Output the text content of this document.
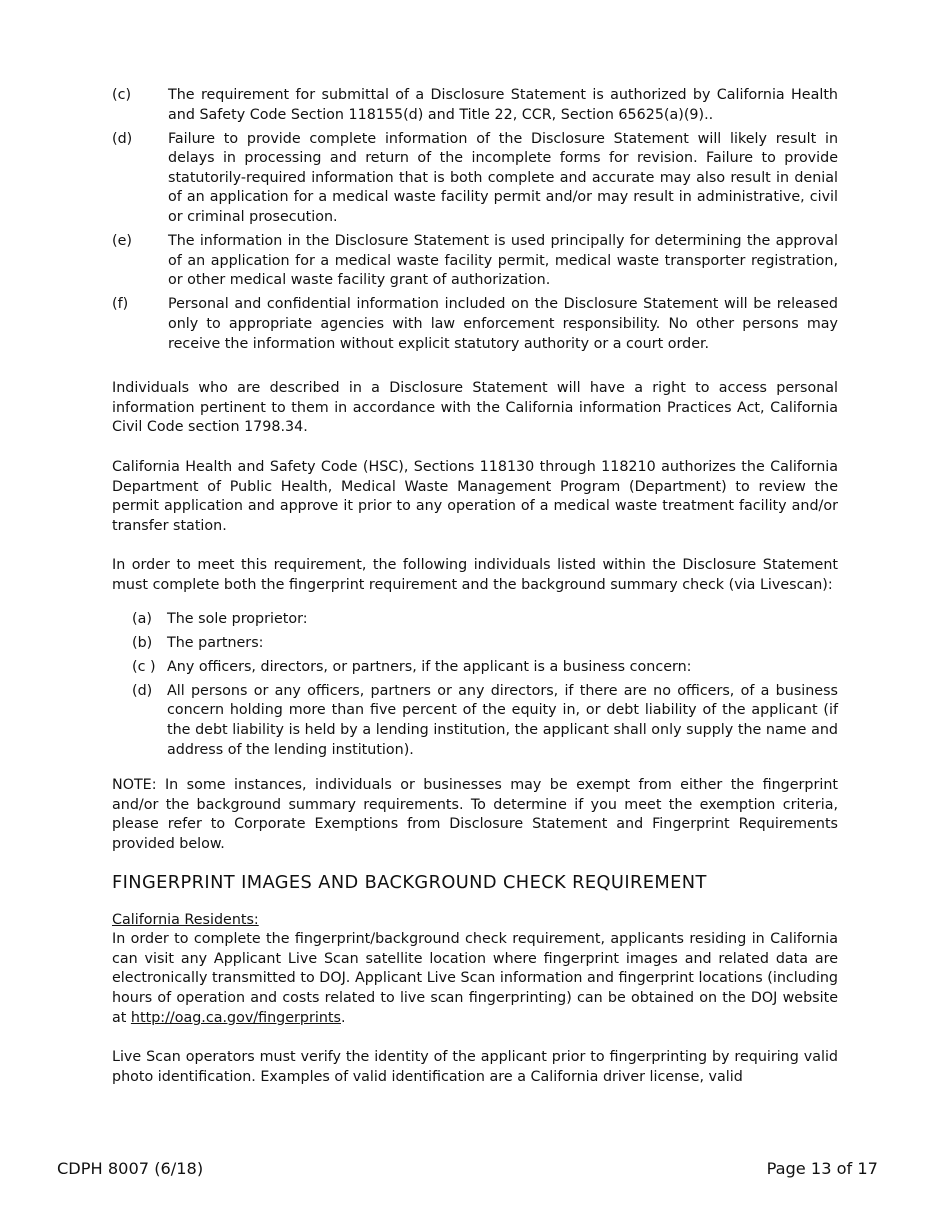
(c)	The requirement for submittal of a Disclosure Statement is authorized by California Health and Safety Code Section 118155(d) and Title 22, CCR, Section 65625(a)(9)..
(d)	Failure to provide complete information of the Disclosure Statement will likely result in delays in processing and return of the incomplete forms for revision. Failure to provide statutorily-required information that is both complete and accurate may also result in denial of an application for a medical waste facility permit and/or may result in administrative, civil or criminal prosecution.
(e)	The information in the Disclosure Statement is used principally for determining the approval of an application for a medical waste facility permit, medical waste transporter registration, or other medical waste facility grant of authorization.
(f)	Personal and confidential information included on the Disclosure Statement will be released only to appropriate agencies with law enforcement responsibility. No other persons may receive the information without explicit statutory authority or a court order.

Individuals who are described in a Disclosure Statement will have a right to access personal information pertinent to them in accordance with the California information Practices Act, California Civil Code section 1798.34.

California Health and Safety Code (HSC), Sections 118130 through 118210 authorizes the California Department of Public Health, Medical Waste Management Program (Department) to review the permit application and approve it prior to any operation of a medical waste treatment facility and/or transfer station.

In order to meet this requirement, the following individuals listed within the Disclosure Statement must complete both the fingerprint requirement and the background summary check (via Livescan):

(a)	The sole proprietor:
(b)	The partners:
(c ) Any officers, directors, or partners, if the applicant is a business concern:
(d)	All persons or any officers, partners or any directors, if there are no officers, of a business concern holding more than five percent of the equity in, or debt liability of the applicant (if the debt liability is held by a lending institution, the applicant shall only supply the name and address of the lending institution).

NOTE: In some instances, individuals or businesses may be exempt from either the fingerprint and/or the background summary requirements. To determine if you meet the exemption criteria, please refer to Corporate Exemptions from Disclosure Statement and Fingerprint Requirements provided below.

FINGERPRINT IMAGES AND BACKGROUND CHECK REQUIREMENT
California Residents:
In order to complete the fingerprint/background check requirement, applicants residing in California can visit any Applicant Live Scan satellite location where fingerprint images and related data are electronically transmitted to DOJ. Applicant Live Scan information and fingerprint locations (including hours of operation and costs related to live scan fingerprinting) can be obtained on the DOJ website at http://oag.ca.gov/fingerprints.

Live Scan operators must verify the identity of the applicant prior to fingerprinting by requiring valid photo identification. Examples of valid identification are a California driver license, valid

CDPH 8007 (6/18)	Page 13 of 17
